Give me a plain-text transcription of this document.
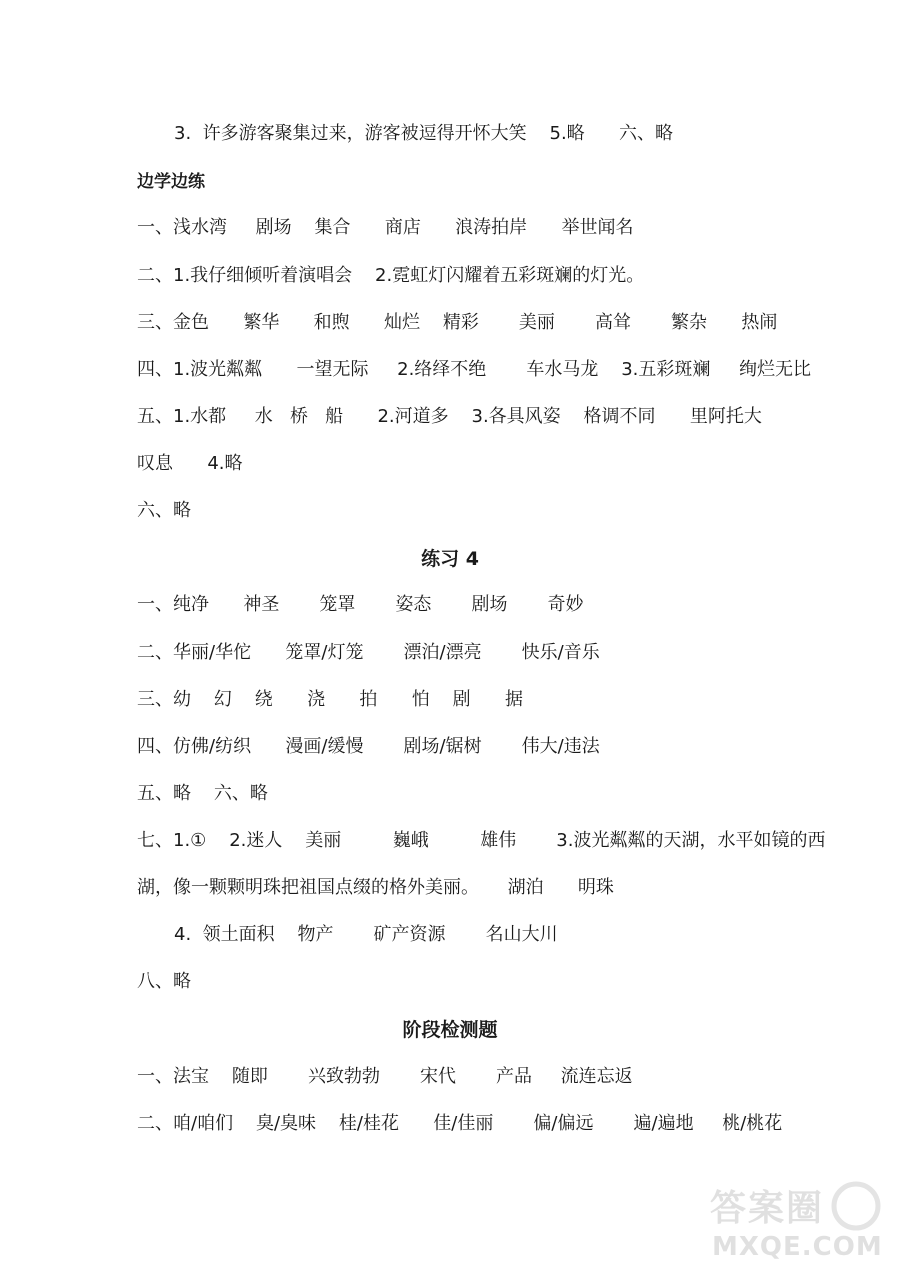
3.  许多游客聚集过来，游客被逗得开怀大笑    5.略      六、略
边学边练
一、浅水湾     剧场    集合      商店      浪涛拍岸      举世闻名
二、1.我仔细倾听着演唱会    2.霓虹灯闪耀着五彩斑斓的灯光。
三、金色      繁华      和煦      灿烂    精彩       美丽       高耸       繁杂      热闹
四、1.波光粼粼      一望无际     2.络绎不绝       车水马龙    3.五彩斑斓     绚烂无比
五、1.水都     水   桥   船      2.河道多    3.各具风姿    格调不同      里阿托大
叹息      4.略
六、略
练习 4
一、纯净      神圣       笼罩       姿态       剧场       奇妙
二、华丽/华佗      笼罩/灯笼       漂泊/漂亮       快乐/音乐
三、幼    幻    绕      浇      拍      怕    剧      据
四、仿佛/纺织      漫画/缓慢       剧场/锯树       伟大/违法
五、略    六、略
七、1.①    2.迷人    美丽         巍峨         雄伟       3.波光粼粼的天湖，水平如镜的西
湖，像一颗颗明珠把祖国点缀的格外美丽。     湖泊      明珠
4.  领土面积    物产       矿产资源       名山大川
八、略
阶段检测题
一、法宝    随即       兴致勃勃       宋代       产品     流连忘返
二、咱/咱们    臭/臭味    桂/桂花      佳/佳丽       偏/偏远       遍/遍地     桃/桃花
答案圈
MXQE.COM
